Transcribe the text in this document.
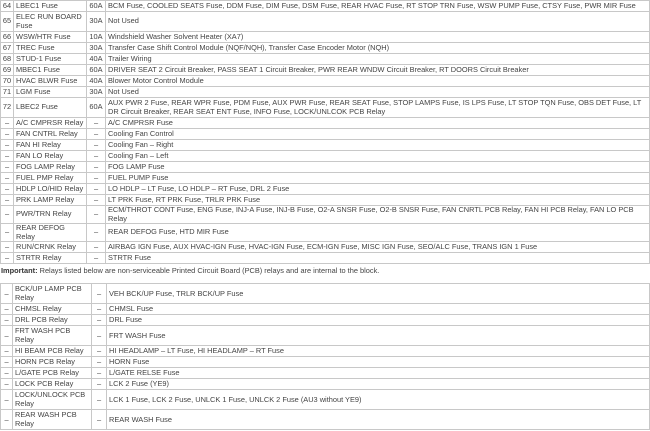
64	LBEC1 Fuse	60A	BCM Fuse, COOLED SEATS Fuse, DDM Fuse, DIM Fuse, DSM Fuse, REAR HVAC Fuse, RT STOP TRN Fuse, WSW PUMP Fuse, CTSY Fuse, PWR MIR Fuse
65	ELEC RUN BOARD Fuse	30A	Not Used
66	WSW/HTR Fuse	10A	Windshield Washer Solvent Heater (XA7)
67	TREC Fuse	30A	Transfer Case Shift Control Module (NQF/NQH), Transfer Case Encoder Motor (NQH)
68	STUD-1 Fuse	40A	Trailer Wiring
69	MBEC1 Fuse	60A	DRIVER SEAT 2 Circuit Breaker, PASS SEAT 1 Circuit Breaker, PWR REAR WNDW Circuit Breaker, RT DOORS Circuit Breaker
70	HVAC BLWR Fuse	40A	Blower Motor Control Module
71	LGM Fuse	30A	Not Used
72	LBEC2 Fuse	60A	AUX PWR 2 Fuse, REAR WPR Fuse, PDM Fuse, AUX PWR Fuse, REAR SEAT Fuse, STOP LAMPS Fuse, IS LPS Fuse, LT STOP TQN Fuse, OBS DET Fuse, LT DR Circuit Breaker, REAR SEAT ENT Fuse, INFO Fuse, LOCK/UNLCOK PCB Relay
–	A/C CMPRSR Relay	–	A/C CMPRSR Fuse
–	FAN CNTRL Relay	–	Cooling Fan Control
–	FAN HI Relay	–	Cooling Fan – Right
–	FAN LO Relay	–	Cooling Fan – Left
–	FOG LAMP Relay	–	FOG LAMP Fuse
–	FUEL PMP Relay	–	FUEL PUMP Fuse
–	HDLP LO/HID Relay	–	LO HDLP – LT Fuse, LO HDLP – RT Fuse, DRL 2 Fuse
–	PRK LAMP Relay	–	LT PRK Fuse, RT PRK Fuse, TRLR PRK Fuse
–	PWR/TRN Relay	–	ECM/THROT CONT Fuse, ENG Fuse, INJ-A Fuse, INJ-B Fuse, O2-A SNSR Fuse, O2-B SNSR Fuse, FAN CNRTL PCB Relay, FAN HI PCB Relay, FAN LO PCB Relay
–	REAR DEFOG Relay	–	REAR DEFOG Fuse, HTD MIR Fuse
–	RUN/CRNK Relay	–	AIRBAG IGN Fuse, AUX HVAC-IGN Fuse, HVAC-IGN Fuse, ECM-IGN Fuse, MISC IGN Fuse, SEO/ALC Fuse, TRANS IGN 1 Fuse
–	STRTR Relay	–	STRTR Fuse
Important: Relays listed below are non-serviceable Printed Circuit Board (PCB) relays and are internal to the block.
–	BCK/UP LAMP PCB Relay	–	VEH BCK/UP Fuse, TRLR BCK/UP Fuse
–	CHMSL Relay	–	CHMSL Fuse
–	DRL PCB Relay	–	DRL Fuse
–	FRT WASH PCB Relay	–	FRT WASH Fuse
–	HI BEAM PCB Relay	–	HI HEADLAMP – LT Fuse, HI HEADLAMP – RT Fuse
–	HORN PCB Relay	–	HORN Fuse
–	L/GATE PCB Relay	–	L/GATE RELSE Fuse
–	LOCK PCB Relay	–	LCK 2 Fuse (YE9)
–	LOCK/UNLOCK PCB Relay	–	LCK 1 Fuse, LCK 2 Fuse, UNLCK 1 Fuse, UNLCK 2 Fuse (AU3 without YE9)
–	REAR WASH PCB Relay	–	REAR WASH Fuse
